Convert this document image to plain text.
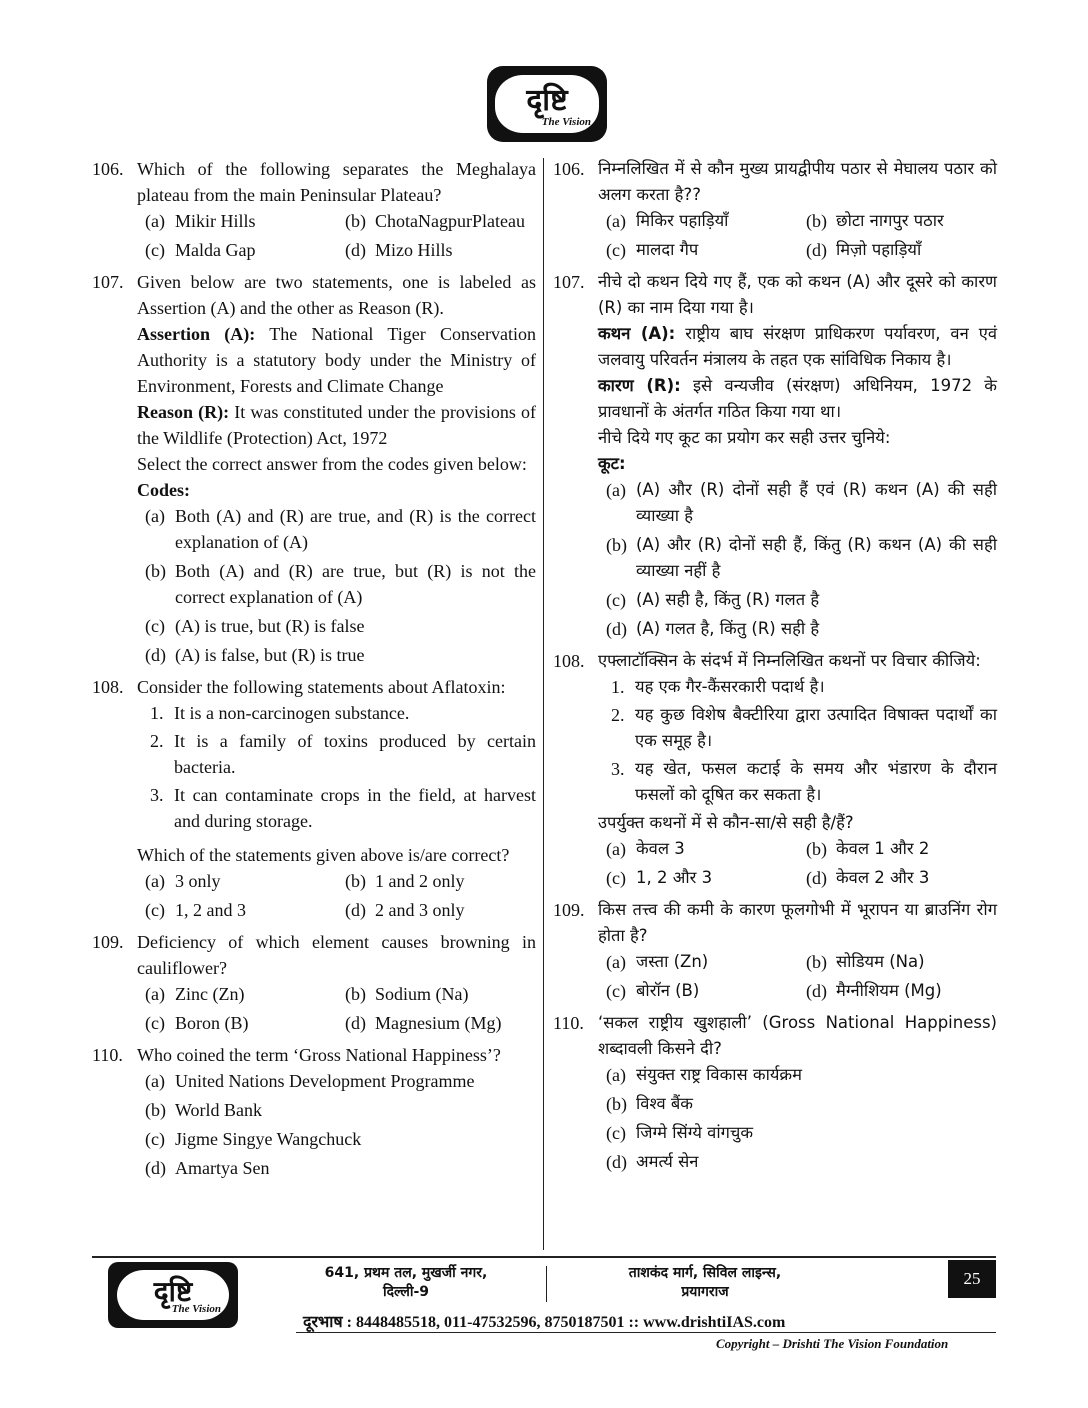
दृष्टि
The Vision
106. Which of the following separates the Meghalaya plateau from the main Peninsular Plateau?
(a) Mikir Hills	(b) ChotaNagpurPlateau
(c) Malda Gap	(d) Mizo Hills
107. Given below are two statements, one is labeled as Assertion (A) and the other as Reason (R).
Assertion (A): The National Tiger Conservation Authority is a statutory body under the Ministry of Environment, Forests and Climate Change
Reason (R): It was constituted under the provisions of the Wildlife (Protection) Act, 1972
Select the correct answer from the codes given below:
Codes:
(a) Both (A) and (R) are true, and (R) is the correct explanation of (A)
(b) Both (A) and (R) are true, but (R) is not the correct explanation of (A)
(c) (A) is true, but (R) is false
(d) (A) is false, but (R) is true
108. Consider the following statements about Aflatoxin:
1. It is a non-carcinogen substance.
2. It is a family of toxins produced by certain bacteria.
3. It can contaminate crops in the field, at harvest and during storage.
Which of the statements given above is/are correct?
(a) 3 only	(b) 1 and 2 only
(c) 1, 2 and 3	(d) 2 and 3 only
109. Deficiency of which element causes browning in cauliflower?
(a) Zinc (Zn)	(b) Sodium (Na)
(c) Boron (B)	(d) Magnesium (Mg)
110. Who coined the term ‘Gross National Happiness’?
(a) United Nations Development Programme
(b) World Bank
(c) Jigme Singye Wangchuck
(d) Amartya Sen
106. निम्नलिखित में से कौन मुख्य प्रायद्वीपीय पठार से मेघालय पठार को अलग करता है??
(a) मिकिर पहाड़ियाँ	(b) छोटा नागपुर पठार
(c) मालदा गैप	(d) मिज़ो पहाड़ियाँ
107. नीचे दो कथन दिये गए हैं, एक को कथन (A) और दूसरे को कारण (R) का नाम दिया गया है।
कथन (A): राष्ट्रीय बाघ संरक्षण प्राधिकरण पर्यावरण, वन एवं जलवायु परिवर्तन मंत्रालय के तहत एक सांविधिक निकाय है।
कारण (R): इसे वन्यजीव (संरक्षण) अधिनियम, 1972 के प्रावधानों के अंतर्गत गठित किया गया था।
नीचे दिये गए कूट का प्रयोग कर सही उत्तर चुनिये:
कूट:
(a) (A) और (R) दोनों सही हैं एवं (R) कथन (A) की सही व्याख्या है
(b) (A) और (R) दोनों सही हैं, किंतु (R) कथन (A) की सही व्याख्या नहीं है
(c) (A) सही है, किंतु (R) गलत है
(d) (A) गलत है, किंतु (R) सही है
108. एफ्लाटॉक्सिन के संदर्भ में निम्नलिखित कथनों पर विचार कीजिये:
1. यह एक गैर-कैंसरकारी पदार्थ है।
2. यह कुछ विशेष बैक्टीरिया द्वारा उत्पादित विषाक्त पदार्थों का एक समूह है।
3. यह खेत, फसल कटाई के समय और भंडारण के दौरान फसलों को दूषित कर सकता है।
उपर्युक्त कथनों में से कौन-सा/से सही है/हैं?
(a) केवल 3	(b) केवल 1 और 2
(c) 1, 2 और 3	(d) केवल 2 और 3
109. किस तत्त्व की कमी के कारण फूलगोभी में भूरापन या ब्राउनिंग रोग होता है?
(a) जस्ता (Zn)	(b) सोडियम (Na)
(c) बोरॉन (B)	(d) मैग्नीशियम (Mg)
110. ‘सकल राष्ट्रीय खुशहाली’ (Gross National Happiness) शब्दावली किसने दी?
(a) संयुक्त राष्ट्र विकास कार्यक्रम
(b) विश्व बैंक
(c) जिग्मे सिंग्ये वांगचुक
(d) अमर्त्य सेन
दृष्टि
The Vision
641, प्रथम तल, मुखर्जी नगर,
दिल्ली-9
ताशकंद मार्ग, सिविल लाइन्स,
प्रयागराज
25
दूरभाष : 8448485518, 011-47532596, 8750187501 :: www.drishtiIAS.com
Copyright – Drishti The Vision Foundation
